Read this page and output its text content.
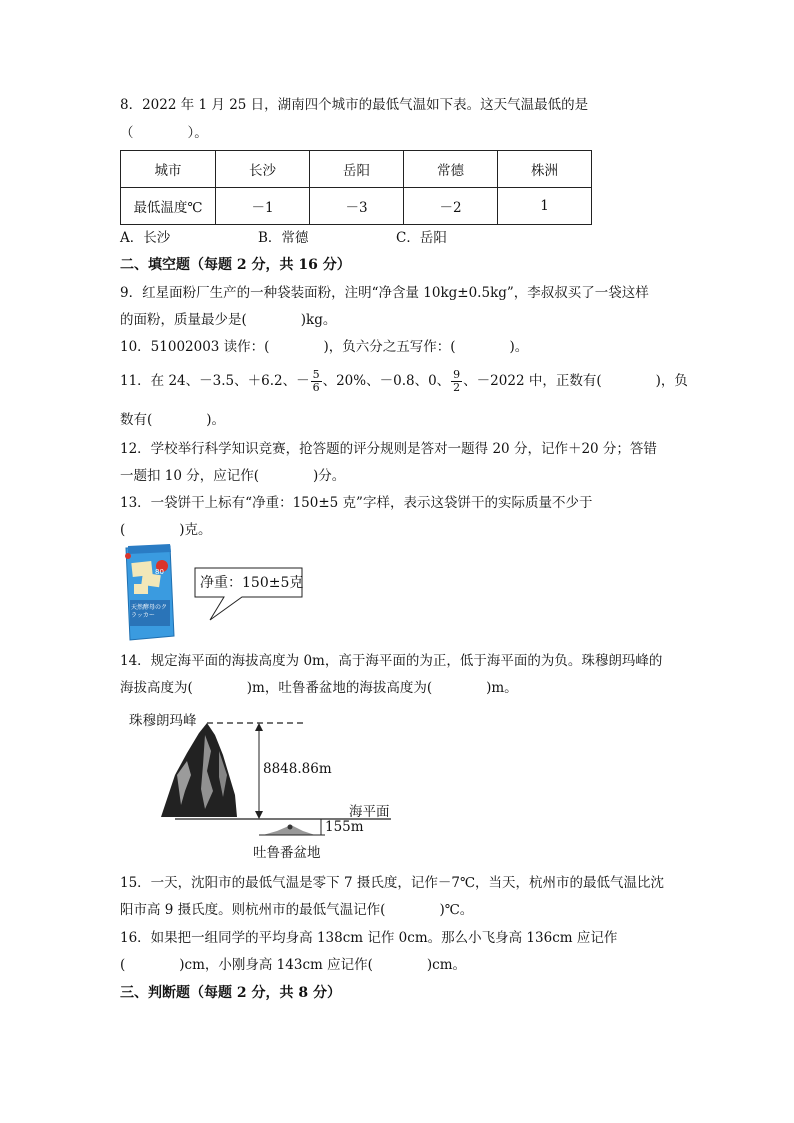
8．2022 年 1 月 25 日，湖南四个城市的最低气温如下表。这天气温最低的是
（　　　　）。
城市	长沙	岳阳	常德	株洲
最低温度℃	－1	－3	－2	1
A．长沙	B．常德	C．岳阳
二、填空题（每题 2 分，共 16 分）
9．红星面粉厂生产的一种袋装面粉，注明“净含量 10kg±0.5kg”，李叔叔买了一袋这样
的面粉，质量最少是(　　　　)kg。
10．51002003 读作：(　　　　)，负六分之五写作：(　　　　)。
11．在 24、－3.5、＋6.2、－ $\frac{5}{6}$ 、20%、－0.8、0、 $\frac{9}{2}$ 、－2022 中，正数有(　　　　)，负
数有(　　　　)。
12．学校举行科学知识竞赛，抢答题的评分规则是答对一题得 20 分，记作＋20 分；答错
一题扣 10 分，应记作(　　　　)分。
13．一袋饼干上标有“净重：150±5 克”字样，表示这袋饼干的实际质量不少于
(　　　　)克。
80
天然酵母のクラッカー
净重：150±5克
14．规定海平面的海拔高度为 0m，高于海平面的为正，低于海平面的为负。珠穆朗玛峰的
海拔高度为(　　　　)m，吐鲁番盆地的海拔高度为(　　　　)m。
珠穆朗玛峰
8848.86m
海平面
155m
吐鲁番盆地
15．一天，沈阳市的最低气温是零下 7 摄氏度，记作－7℃，当天，杭州市的最低气温比沈
阳市高 9 摄氏度。则杭州市的最低气温记作(　　　　)℃。
16．如果把一组同学的平均身高 138cm 记作 0cm。那么小飞身高 136cm 应记作
(　　　　)cm，小刚身高 143cm 应记作(　　　　)cm。
三、判断题（每题 2 分，共 8 分）
